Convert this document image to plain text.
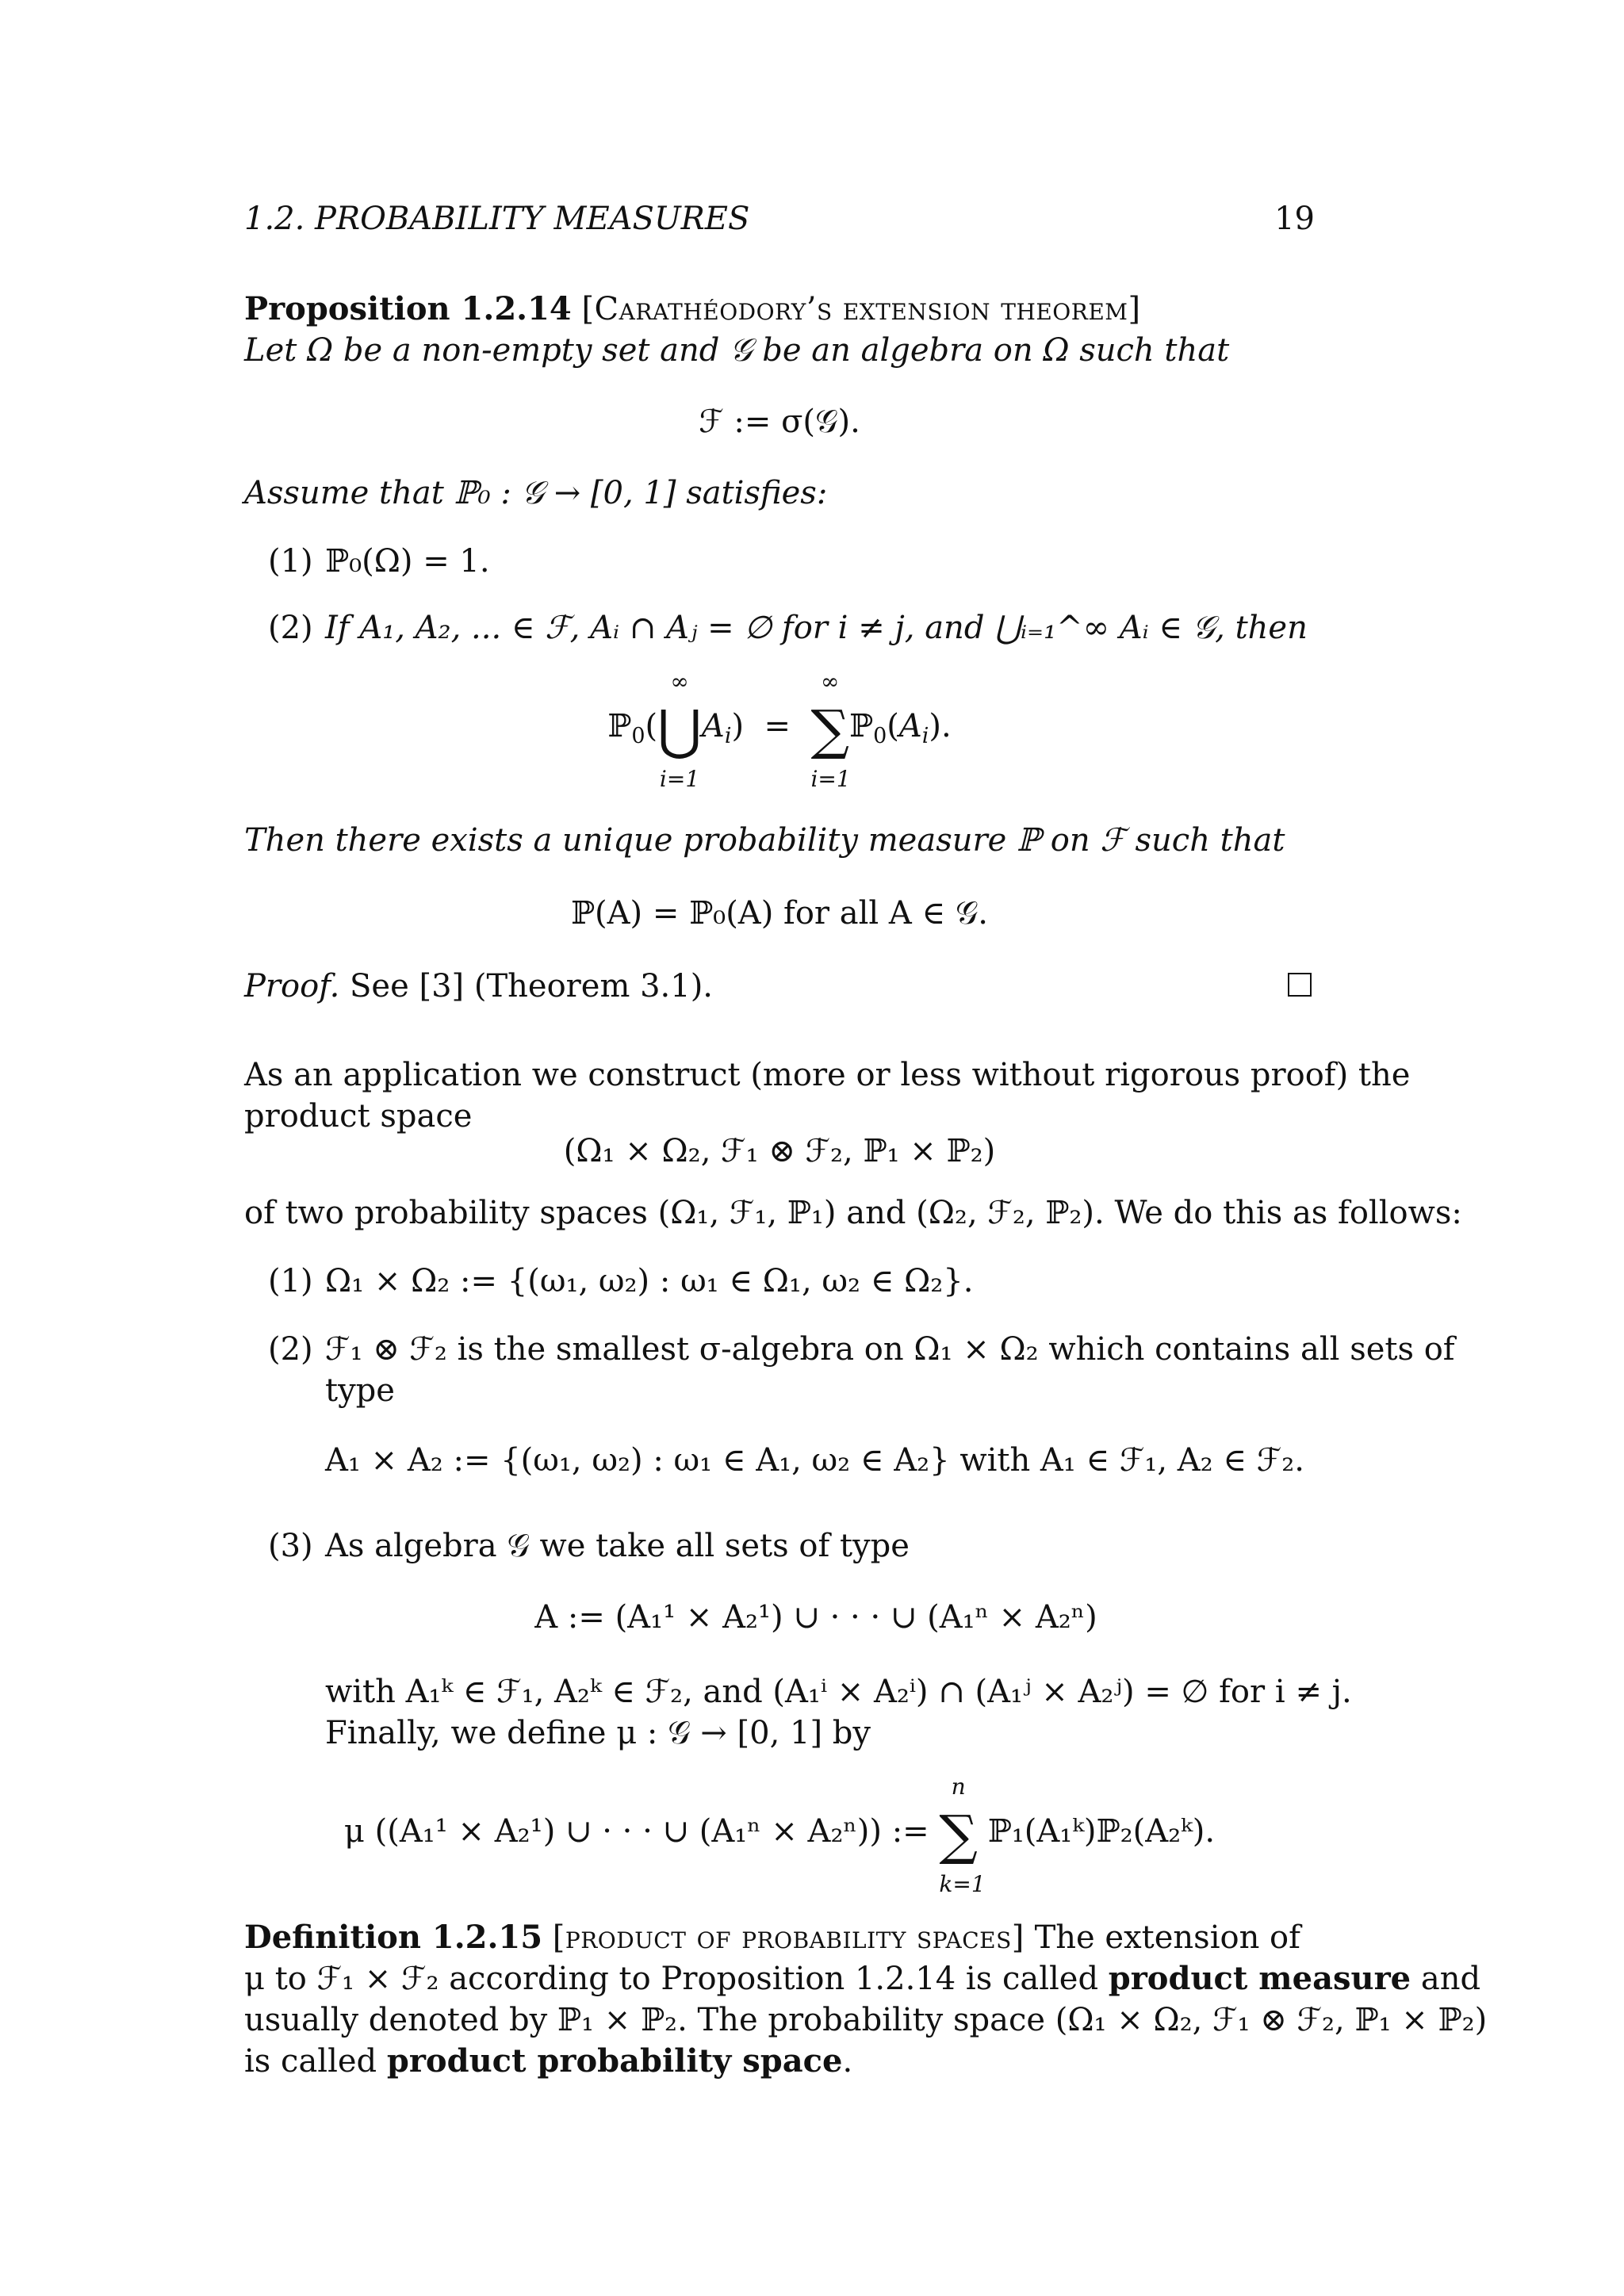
1.2. PROBABILITY MEASURES	19
Proposition 1.2.14 [Carathéodory’s extension theorem]
Let Ω be a non-empty set and 𝒢 be an algebra on Ω such that
ℱ := σ(𝒢).
Assume that ℙ₀ : 𝒢 → [0, 1] satisfies:
(1) ℙ₀(Ω) = 1.
(2) If A₁, A₂, ... ∈ ℱ, Aᵢ ∩ Aⱼ = ∅ for i ≠ j, and ⋃ᵢ₌₁^∞ Aᵢ ∈ 𝒢, then
ℙ$_0$(
∞
⋃
i=1
$A_i$)  =
∞
∑
i=1
$ℙ_0(A_i)$.
Then there exists a unique probability measure ℙ on ℱ such that
ℙ(A) = ℙ₀(A) for all A ∈ 𝒢.
Proof. See [3] (Theorem 3.1).
As an application we construct (more or less without rigorous proof) the
product space
(Ω₁ × Ω₂, ℱ₁ ⊗ ℱ₂, ℙ₁ × ℙ₂)
of two probability spaces (Ω₁, ℱ₁, ℙ₁) and (Ω₂, ℱ₂, ℙ₂). We do this as follows:
(1) Ω₁ × Ω₂ := {(ω₁, ω₂) : ω₁ ∈ Ω₁, ω₂ ∈ Ω₂}.
(2) ℱ₁ ⊗ ℱ₂ is the smallest σ-algebra on Ω₁ × Ω₂ which contains all sets of
type
A₁ × A₂ := {(ω₁, ω₂) : ω₁ ∈ A₁, ω₂ ∈ A₂} with A₁ ∈ ℱ₁, A₂ ∈ ℱ₂.
(3) As algebra 𝒢 we take all sets of type
A := (A₁¹ × A₂¹) ∪ · · · ∪ (A₁ⁿ × A₂ⁿ)
with A₁ᵏ ∈ ℱ₁, A₂ᵏ ∈ ℱ₂, and (A₁ⁱ × A₂ⁱ) ∩ (A₁ʲ × A₂ʲ) = ∅ for i ≠ j.
Finally, we define μ : 𝒢 → [0, 1] by
μ ((A₁¹ × A₂¹) ∪ · · · ∪ (A₁ⁿ × A₂ⁿ)) :=
n
∑
k=1
ℙ₁(A₁ᵏ)ℙ₂(A₂ᵏ).
Definition 1.2.15 [product of probability spaces] The extension of
μ to ℱ₁ × ℱ₂ according to Proposition 1.2.14 is called product measure and
usually denoted by ℙ₁ × ℙ₂. The probability space (Ω₁ × Ω₂, ℱ₁ ⊗ ℱ₂, ℙ₁ × ℙ₂)
is called product probability space.
